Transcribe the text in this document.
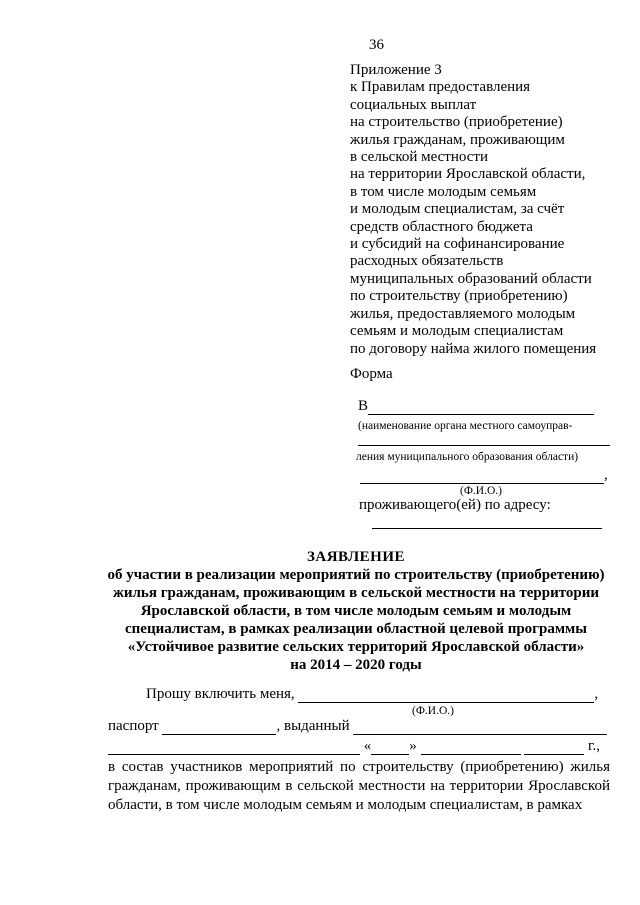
36
Приложение 3
к Правилам предоставления
социальных выплат
на строительство (приобретение)
жилья гражданам, проживающим
в сельской местности
на территории Ярославской области,
в том числе молодым семьям
и молодым специалистам, за счёт
средств областного бюджета
и субсидий на софинансирование
расходных обязательств
муниципальных образований области
по строительству (приобретению)
жилья, предоставляемого молодым
семьям и молодым специалистам
по договору найма жилого помещения
Форма
В
(наименование органа местного самоуправ-
ления муниципального образования области)
,
(Ф.И.О.)
проживающего(ей) по адресу:
ЗАЯВЛЕНИЕ
об участии в реализации мероприятий по строительству (приобретению)
жилья гражданам, проживающим в сельской местности на территории
Ярославской области, в том числе молодым семьям и молодым
специалистам, в рамках реализации областной целевой программы
«Устойчивое развитие сельских территорий Ярославской области»
на 2014 – 2020 годы
Прошу включить меня,	,
(Ф.И.О.)
паспорт	, выданный
«	»	г.,
в состав участников мероприятий по строительству (приобретению) жилья гражданам, проживающим в сельской местности на территории Ярославской области, в том числе молодым семьям и молодым специалистам, в рамках
